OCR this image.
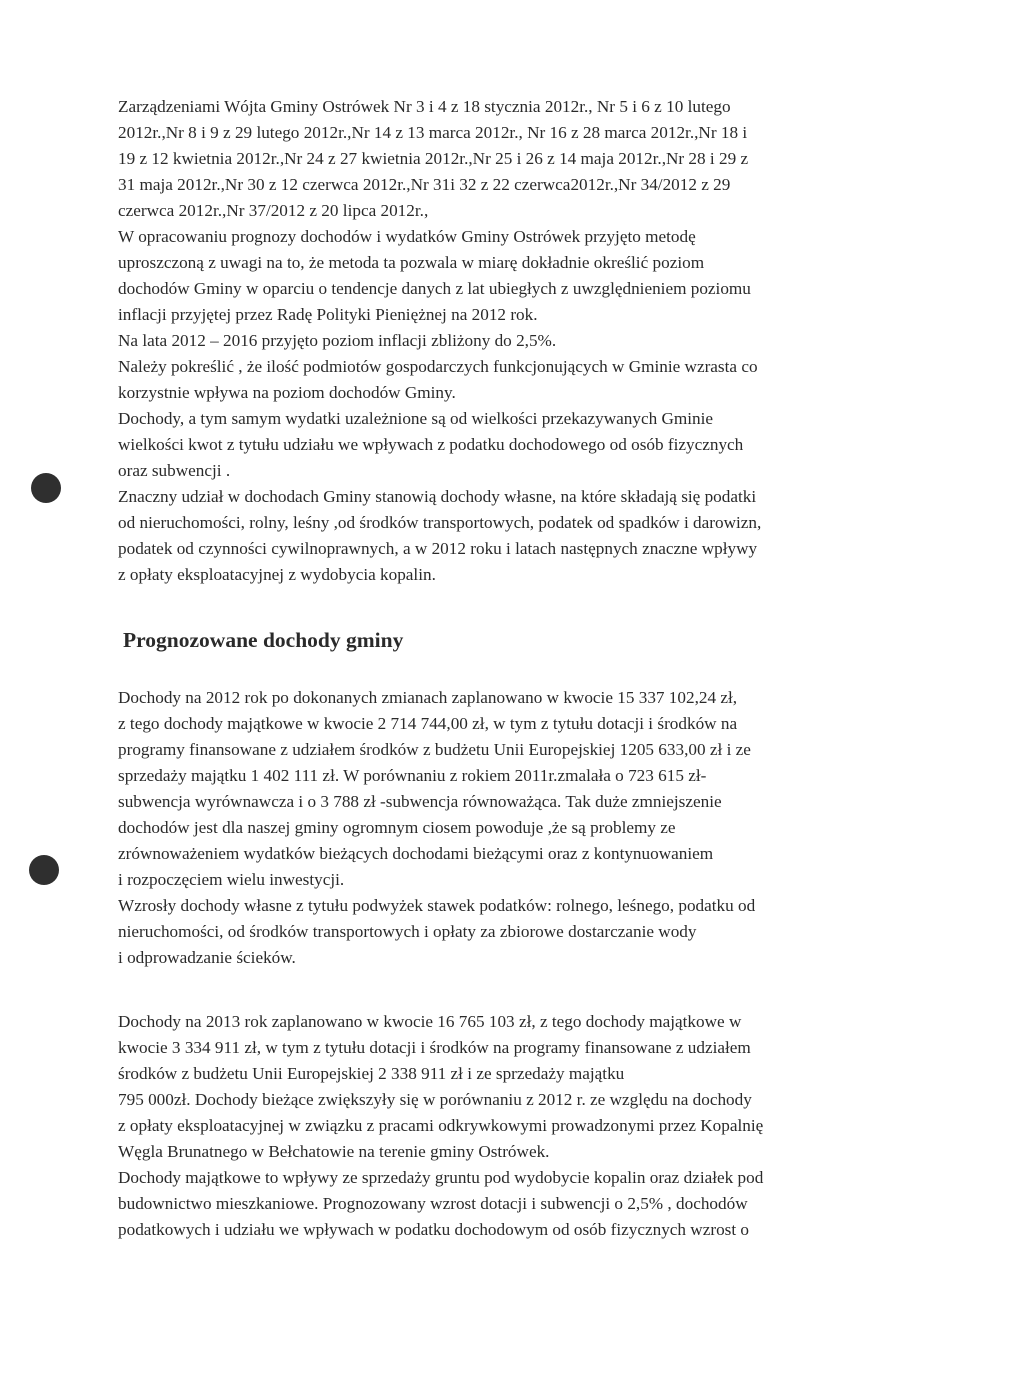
Zarządzeniami Wójta Gminy Ostrówek Nr 3 i 4 z 18 stycznia 2012r., Nr 5 i 6 z 10 lutego
2012r.,Nr 8 i 9 z 29 lutego 2012r.,Nr 14 z 13 marca 2012r., Nr 16 z 28 marca 2012r.,Nr 18 i
19 z 12 kwietnia 2012r.,Nr 24 z 27 kwietnia 2012r.,Nr 25 i 26 z 14 maja 2012r.,Nr 28 i 29 z
31 maja 2012r.,Nr 30 z 12 czerwca 2012r.,Nr 31i 32 z 22 czerwca2012r.,Nr 34/2012 z 29
czerwca 2012r.,Nr 37/2012 z 20 lipca 2012r.,
W opracowaniu prognozy dochodów i wydatków Gminy Ostrówek przyjęto metodę
uproszczoną z uwagi na to, że metoda ta pozwala w miarę dokładnie określić poziom
dochodów Gminy w oparciu o tendencje danych z lat ubiegłych z uwzględnieniem poziomu
inflacji przyjętej przez Radę Polityki Pieniężnej na 2012 rok.
Na lata 2012 – 2016 przyjęto poziom inflacji zbliżony do 2,5%.
Należy pokreślić , że ilość podmiotów gospodarczych funkcjonujących w Gminie wzrasta co
korzystnie wpływa na poziom dochodów Gminy.
Dochody, a tym samym wydatki uzależnione są od wielkości przekazywanych Gminie
wielkości kwot z tytułu udziału we wpływach z podatku dochodowego od osób fizycznych
oraz subwencji .
Znaczny udział w dochodach Gminy stanowią dochody własne, na które składają się podatki
od nieruchomości, rolny, leśny ,od środków transportowych, podatek od spadków i darowizn,
podatek od czynności cywilnoprawnych, a w 2012 roku i latach następnych znaczne wpływy
z opłaty eksploatacyjnej z wydobycia kopalin.
Prognozowane dochody gminy
Dochody na 2012 rok po dokonanych zmianach zaplanowano w kwocie 15 337 102,24 zł,
z tego dochody majątkowe w kwocie 2 714 744,00 zł, w tym z tytułu dotacji i środków na
programy finansowane z udziałem środków z budżetu Unii Europejskiej 1205 633,00 zł i ze
sprzedaży majątku 1 402 111 zł. W porównaniu z rokiem 2011r.zmalała o 723 615 zł-
subwencja wyrównawcza i o 3 788 zł -subwencja równoważąca. Tak duże zmniejszenie
dochodów jest dla naszej gminy ogromnym ciosem powoduje ,że są problemy ze
zrównoważeniem wydatków bieżących dochodami bieżącymi oraz z kontynuowaniem
i rozpoczęciem wielu inwestycji.
Wzrosły dochody własne z tytułu podwyżek stawek podatków: rolnego, leśnego, podatku od
nieruchomości, od środków transportowych i opłaty za zbiorowe dostarczanie wody
i odprowadzanie ścieków.
Dochody na 2013 rok zaplanowano w kwocie 16 765 103 zł, z tego dochody majątkowe w
kwocie 3 334 911 zł, w tym z tytułu dotacji i środków na programy finansowane z udziałem
środków z budżetu Unii Europejskiej 2 338 911 zł i ze sprzedaży majątku
795 000zł. Dochody bieżące zwiększyły się w porównaniu z 2012 r. ze względu na dochody
z opłaty eksploatacyjnej w związku z pracami odkrywkowymi prowadzonymi przez Kopalnię
Węgla Brunatnego w Bełchatowie na terenie gminy Ostrówek.
Dochody majątkowe to wpływy ze sprzedaży gruntu pod wydobycie kopalin oraz działek pod
budownictwo mieszkaniowe. Prognozowany wzrost dotacji i subwencji o 2,5% , dochodów
podatkowych i udziału we wpływach w podatku dochodowym od osób fizycznych wzrost o
